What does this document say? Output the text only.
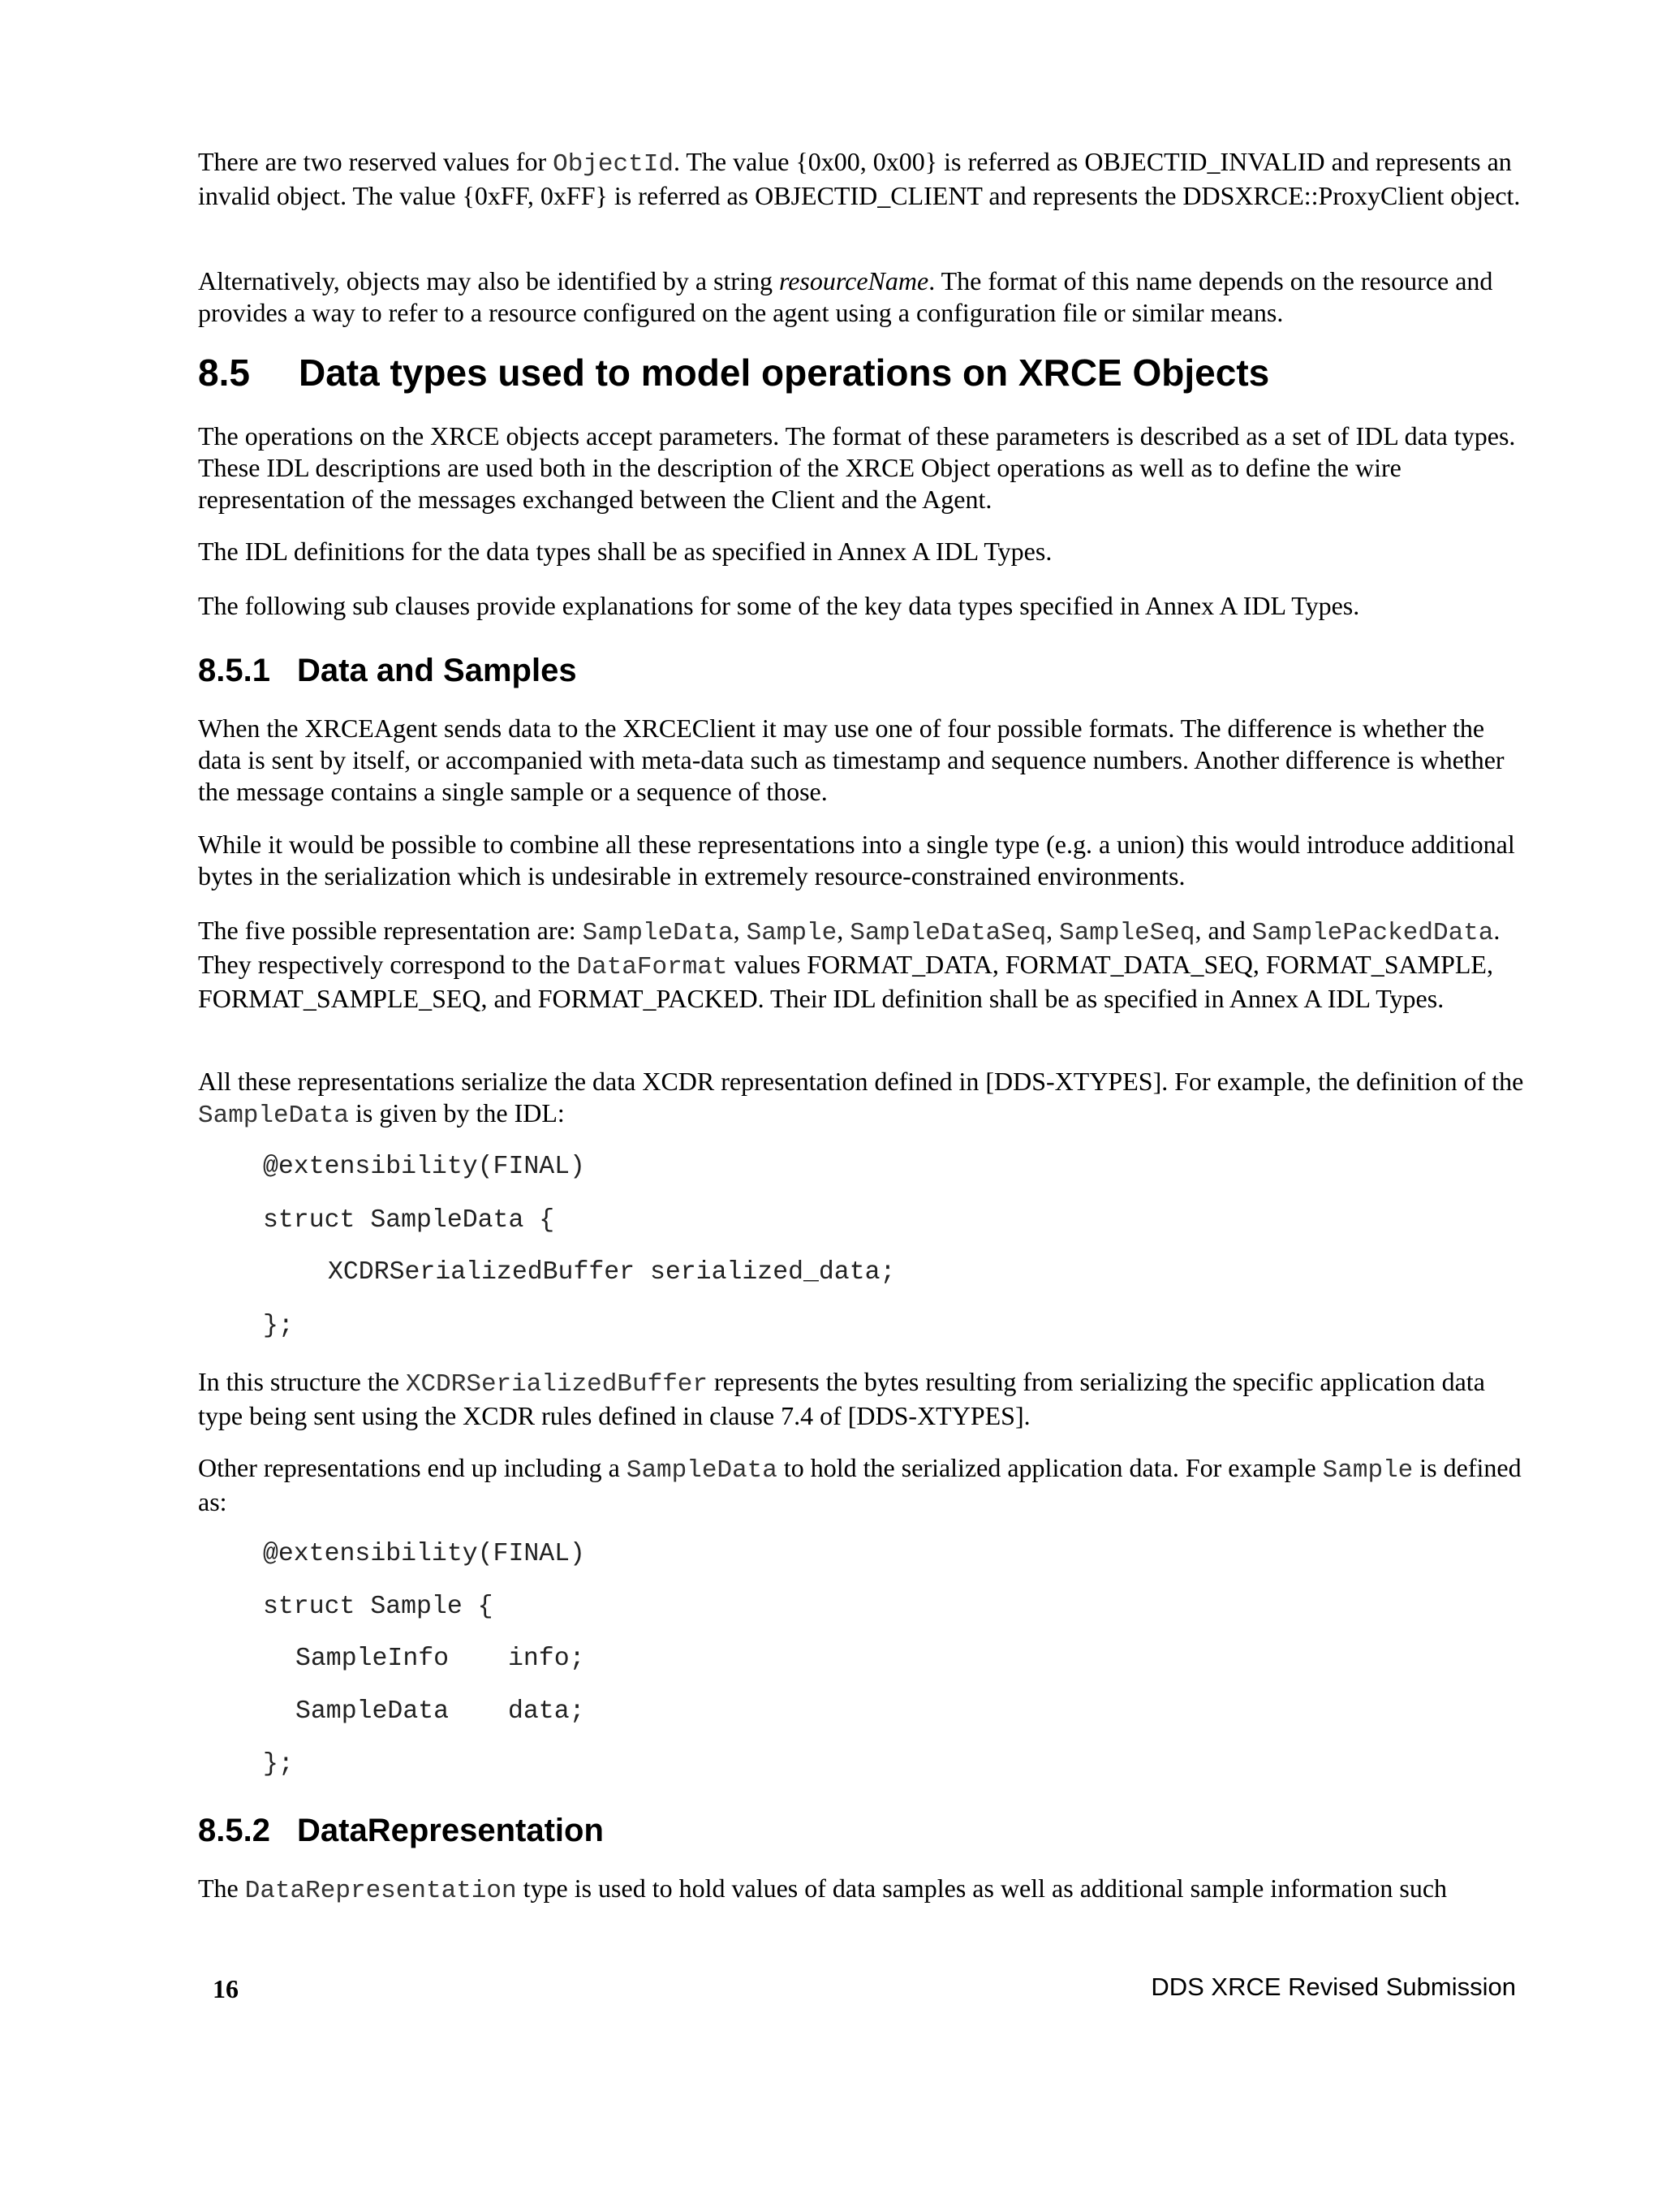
There are two reserved values for ObjectId. The value {0x00, 0x00} is referred as OBJECTID_INVALID and represents an invalid object. The value {0xFF, 0xFF} is referred as OBJECTID_CLIENT and represents the DDSXRCE::ProxyClient object.

Alternatively, objects may also be identified by a string resourceName. The format of this name depends on the resource and provides a way to refer to a resource configured on the agent using a configuration file or similar means.

8.5 Data types used to model operations on XRCE Objects

The operations on the XRCE objects accept parameters. The format of these parameters is described as a set of IDL data types. These IDL descriptions are used both in the description of the XRCE Object operations as well as to define the wire representation of the messages exchanged between the Client and the Agent.

The IDL definitions for the data types shall be as specified in Annex A IDL Types.

The following sub clauses provide explanations for some of the key data types specified in Annex A IDL Types.

8.5.1 Data and Samples

When the XRCEAgent sends data to the XRCEClient it may use one of four possible formats. The difference is whether the data is sent by itself, or accompanied with meta-data such as timestamp and sequence numbers. Another difference is whether the message contains a single sample or a sequence of those.

While it would be possible to combine all these representations into a single type (e.g. a union) this would introduce additional bytes in the serialization which is undesirable in extremely resource-constrained environments.

The five possible representation are: SampleData, Sample, SampleDataSeq, SampleSeq, and SamplePackedData. They respectively correspond to the DataFormat values FORMAT_DATA, FORMAT_DATA_SEQ, FORMAT_SAMPLE, FORMAT_SAMPLE_SEQ, and FORMAT_PACKED. Their IDL definition shall be as specified in Annex A IDL Types.

All these representations serialize the data XCDR representation defined in [DDS-XTYPES]. For example, the definition of the SampleData is given by the IDL:

@extensibility(FINAL)
struct SampleData {
XCDRSerializedBuffer serialized_data;
};

In this structure the XCDRSerializedBuffer represents the bytes resulting from serializing the specific application data type being sent using the XCDR rules defined in clause 7.4 of [DDS-XTYPES].

Other representations end up including a SampleData to hold the serialized application data. For example Sample is defined as:

@extensibility(FINAL)
struct Sample {
SampleInfo info;
SampleData data;
};
8.5.2 DataRepresentation

The DataRepresentation type is used to hold values of data samples as well as additional sample information such

16	DDS XRCE Revised Submission
